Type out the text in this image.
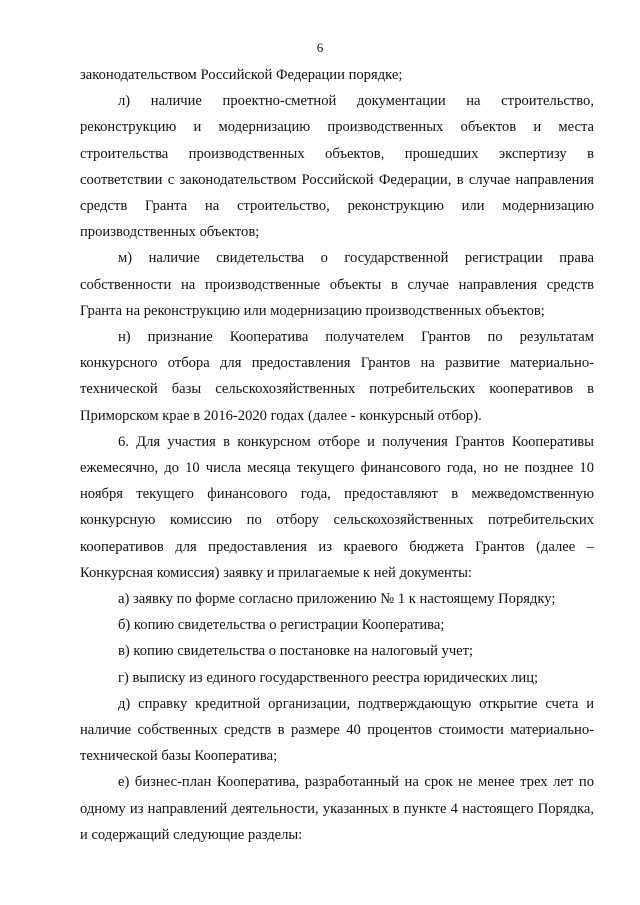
6

законодательством Российской Федерации порядке;

л) наличие проектно-сметной документации на строительство, реконструкцию и модернизацию производственных объектов и места строительства производственных объектов, прошедших экспертизу в соответствии с законодательством Российской Федерации, в случае направления средств Гранта на строительство, реконструкцию или модернизацию производственных объектов;

м) наличие свидетельства о государственной регистрации права собственности на производственные объекты в случае направления средств Гранта на реконструкцию или модернизацию производственных объектов;

н) признание Кооператива получателем Грантов по результатам конкурсного отбора для предоставления Грантов на развитие материально-технической базы сельскохозяйственных потребительских кооперативов в Приморском крае в 2016-2020 годах (далее - конкурсный отбор).

6. Для участия в конкурсном отборе и получения Грантов Кооперативы ежемесячно, до 10 числа месяца текущего финансового года, но не позднее 10 ноября текущего финансового года, предоставляют в межведомственную конкурсную комиссию по отбору сельскохозяйственных потребительских кооперативов для предоставления из краевого бюджета Грантов (далее – Конкурсная комиссия) заявку и прилагаемые к ней документы:

а) заявку по форме согласно приложению № 1 к настоящему Порядку;

б) копию свидетельства о регистрации Кооператива;

в) копию свидетельства о постановке на налоговый учет;

г) выписку из единого государственного реестра юридических лиц;

д) справку кредитной организации, подтверждающую открытие счета и наличие собственных средств в размере 40 процентов стоимости материально-технической базы Кооператива;

е) бизнес-план Кооператива, разработанный на срок не менее трех лет по одному из направлений деятельности, указанных в пункте 4 настоящего Порядка, и содержащий следующие разделы:
